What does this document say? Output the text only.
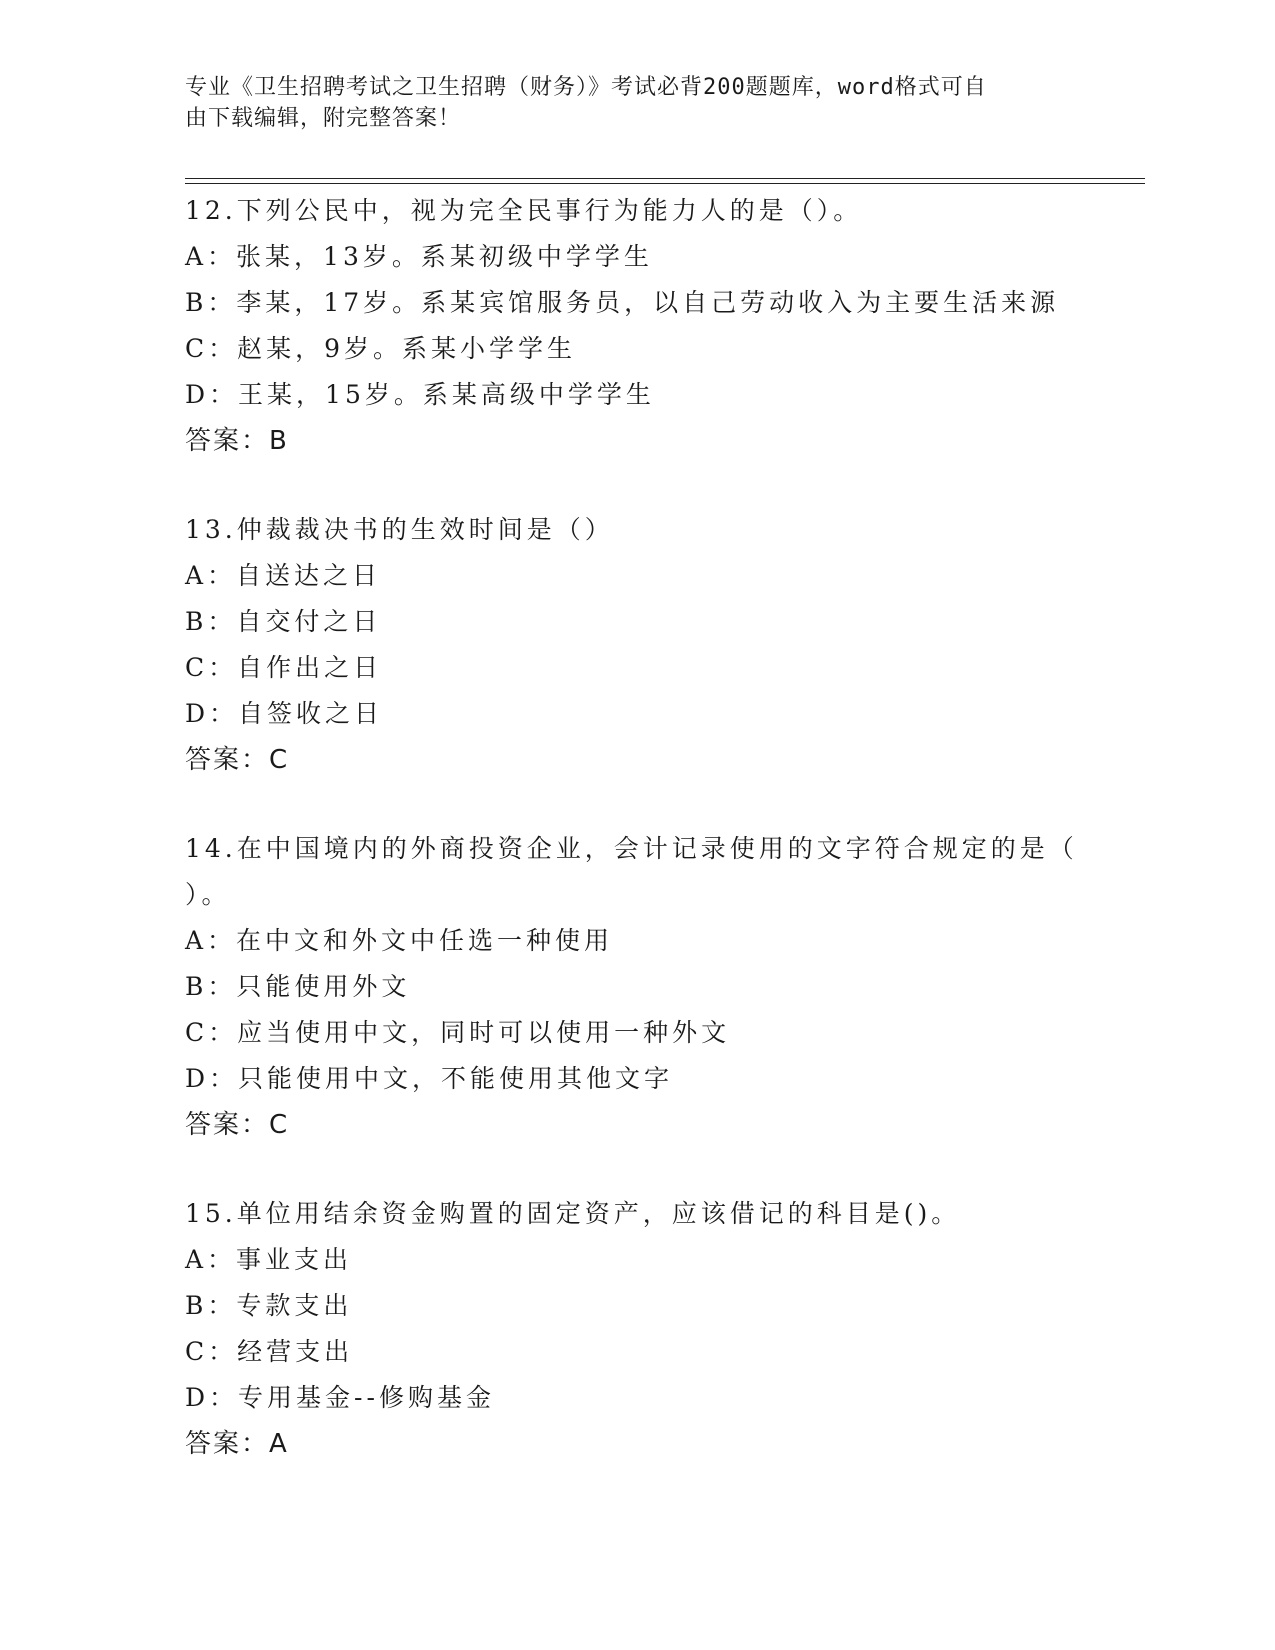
专业《卫生招聘考试之卫生招聘（财务）》考试必背200题题库，word格式可自
由下载编辑，附完整答案！
12.下列公民中，视为完全民事行为能力人的是（）。
A：张某，13岁。系某初级中学学生
B：李某，17岁。系某宾馆服务员，以自己劳动收入为主要生活来源
C：赵某，9岁。系某小学学生
D：王某，15岁。系某高级中学学生
答案：B
13.仲裁裁决书的生效时间是（）
A：自送达之日
B：自交付之日
C：自作出之日
D：自签收之日
答案：C
14.在中国境内的外商投资企业，会计记录使用的文字符合规定的是（
）。
A：在中文和外文中任选一种使用
B：只能使用外文
C：应当使用中文，同时可以使用一种外文
D：只能使用中文，不能使用其他文字
答案：C
15.单位用结余资金购置的固定资产，应该借记的科目是()。
A：事业支出
B：专款支出
C：经营支出
D：专用基金--修购基金
答案：A
